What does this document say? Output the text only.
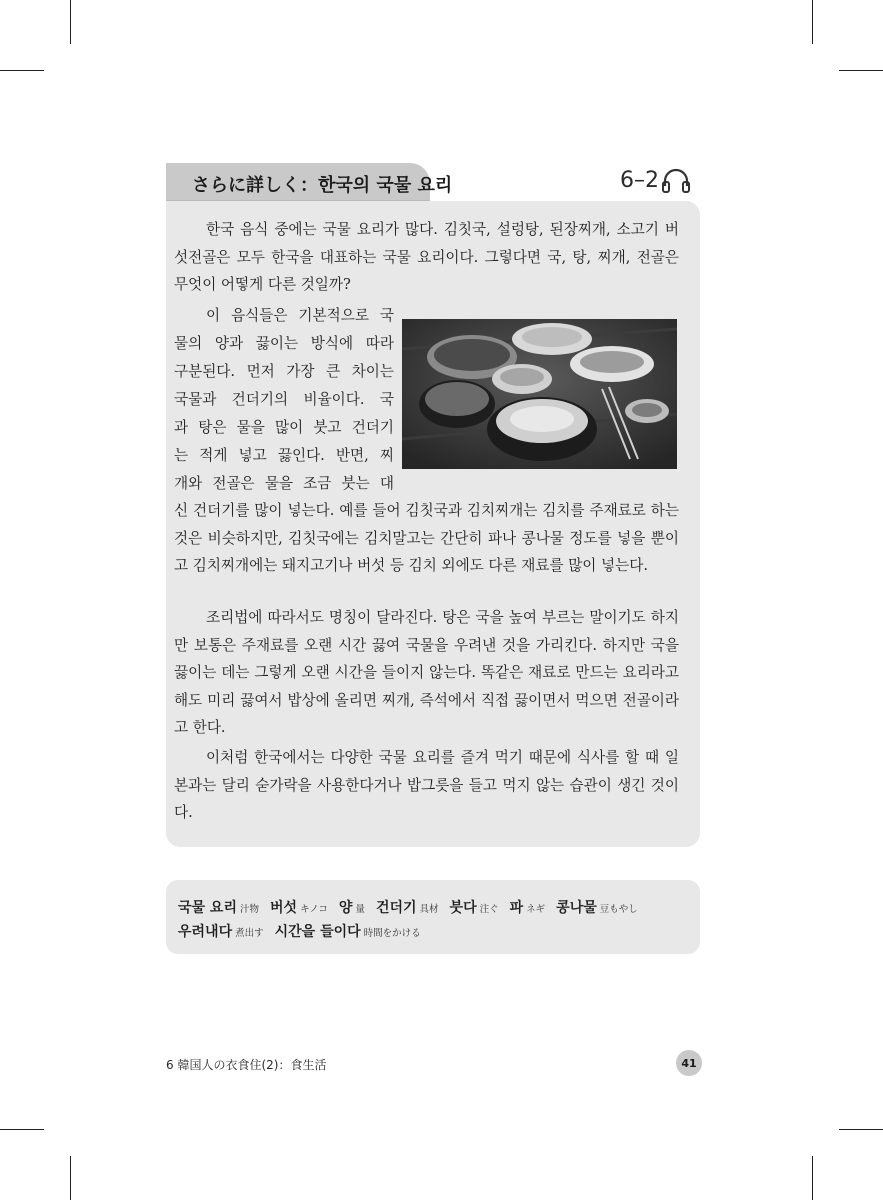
さらに詳しく：한국의 국물 요리	6–2

한국 음식 중에는 국물 요리가 많다. 김칫국, 설렁탕, 된장찌개, 소고기 버섯전골은 모두 한국을 대표하는 국물 요리이다. 그렇다면 국, 탕, 찌개, 전골은 무엇이 어떻게 다른 것일까?

이 음식들은 기본적으로 국

물의 양과 끓이는 방식에 따라

구분된다. 먼저 가장 큰 차이는

국물과 건더기의 비율이다. 국

과 탕은 물을 많이 붓고 건더기

는 적게 넣고 끓인다. 반면, 찌

개와 전골은 물을 조금 붓는 대

신 건더기를 많이 넣는다. 예를 들어 김칫국과 김치찌개는 김치를 주재료로 하는 것은 비슷하지만, 김칫국에는 김치말고는 간단히 파나 콩나물 정도를 넣을 뿐이고 김치찌개에는 돼지고기나 버섯 등 김치 외에도 다른 재료를 많이 넣는다.

조리법에 따라서도 명칭이 달라진다. 탕은 국을 높여 부르는 말이기도 하지만 보통은 주재료를 오랜 시간 끓여 국물을 우려낸 것을 가리킨다. 하지만 국을 끓이는 데는 그렇게 오랜 시간을 들이지 않는다. 똑같은 재료로 만드는 요리라고 해도 미리 끓여서 밥상에 올리면 찌개, 즉석에서 직접 끓이면서 먹으면 전골이라고 한다.

이처럼 한국에서는 다양한 국물 요리를 즐겨 먹기 때문에 식사를 할 때 일본과는 달리 숟가락을 사용한다거나 밥그릇을 들고 먹지 않는 습관이 생긴 것이다.

국물 요리 汁物 버섯 キノコ 양 量 건더기 具材 붓다 注ぐ 파 ネギ 콩나물 豆もやし
우려내다 煮出す 시간을 들이다 時間をかける
6 韓国人の衣食住(2)：食生活	41
